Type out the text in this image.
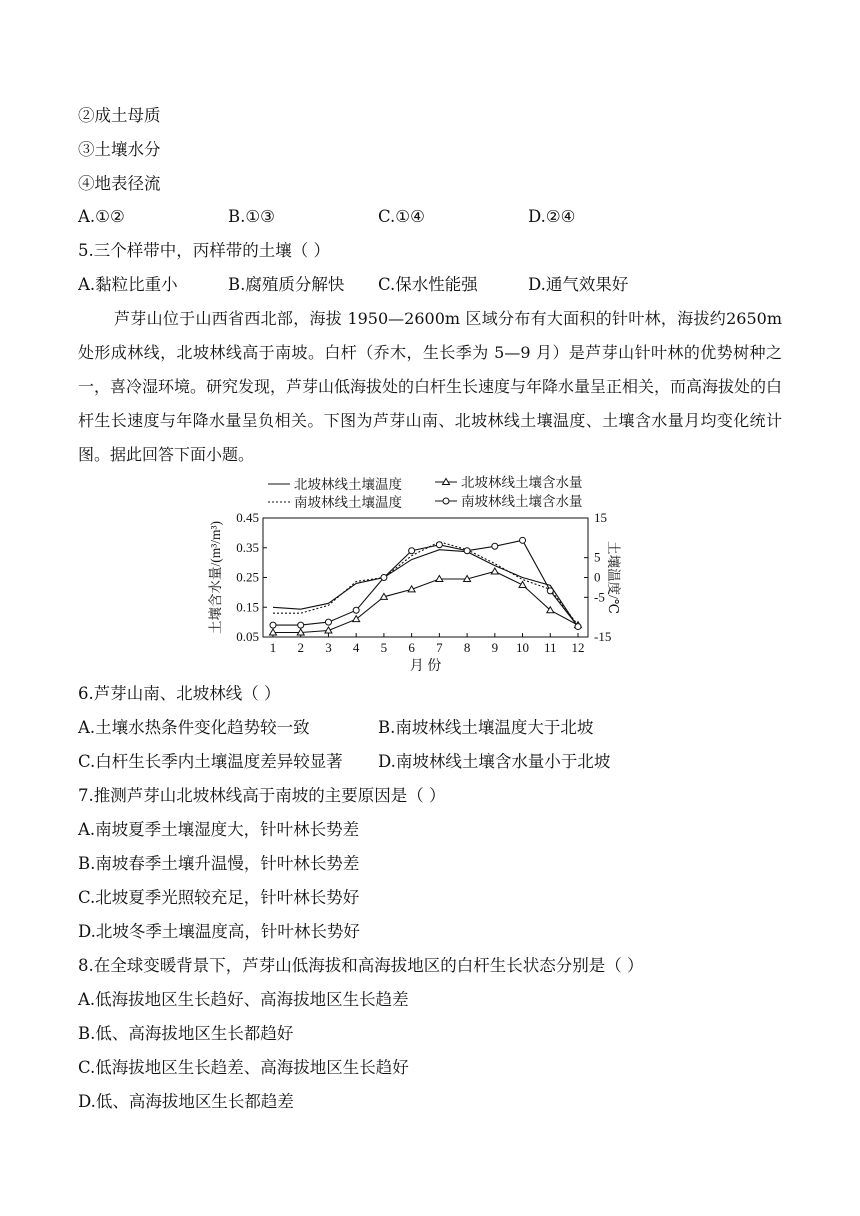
②成土母质
③土壤水分
④地表径流
A.①②	B.①③	C.①④	D.②④
5.三个样带中，丙样带的土壤（ ）
A.黏粒比重小	B.腐殖质分解快 C.保水性能强	D.通气效果好
芦芽山位于山西省西北部，海拔 1950—2600m 区域分布有大面积的针叶林，海拔约2650m 处形成林线，北坡林线高于南坡。白杆（乔木，生长季为 5—9 月）是芦芽山针叶林的优势树种之一，喜冷湿环境。研究发现，芦芽山低海拔处的白杆生长速度与年降水量呈正相关，而高海拔处的白杆生长速度与年降水量呈负相关。下图为芦芽山南、北坡林线土壤温度、土壤含水量月均变化统计图。据此回答下面小题。
北坡林线土壤温度	北坡林线土壤含水量
南坡林线土壤温度	南坡林线土壤含水量
0.05
0.15
0.25
0.35
0.45	15
5
0
-5
-15
1 2 3 4 5 6 7 8 9 10 11 12
月 份
土壤含水量/(m³/m³)	土壤温度/℃
6.芦芽山南、北坡林线（ ）
A.土壤水热条件变化趋势较一致	B.南坡林线土壤温度大于北坡
C.白杆生长季内土壤温度差异较显著 D.南坡林线土壤含水量小于北坡
7.推测芦芽山北坡林线高于南坡的主要原因是（ ）
A.南坡夏季土壤湿度大，针叶林长势差
B.南坡春季土壤升温慢，针叶林长势差
C.北坡夏季光照较充足，针叶林长势好
D.北坡冬季土壤温度高，针叶林长势好
8.在全球变暖背景下，芦芽山低海拔和高海拔地区的白杆生长状态分别是（ ）
A.低海拔地区生长趋好、高海拔地区生长趋差
B.低、高海拔地区生长都趋好
C.低海拔地区生长趋差、高海拔地区生长趋好
D.低、高海拔地区生长都趋差
